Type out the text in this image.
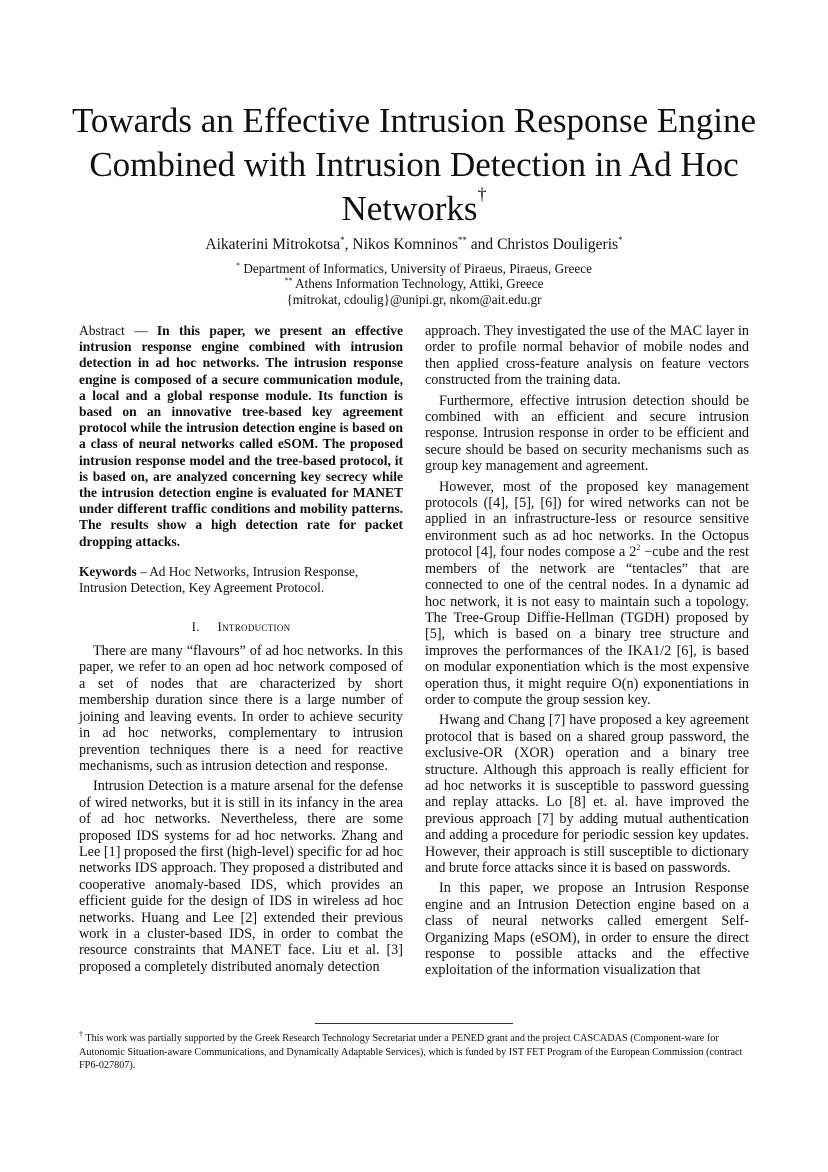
Towards an Effective Intrusion Response Engine Combined with Intrusion Detection in Ad Hoc Networks†
Aikaterini Mitrokotsa*, Nikos Komninos** and Christos Douligeris*
* Department of Informatics, University of Piraeus, Piraeus, Greece
** Athens Information Technology, Attiki, Greece
{mitrokat, cdoulig}@unipi.gr, nkom@ait.edu.gr

Abstract — In this paper, we present an effective intrusion response engine combined with intrusion detection in ad hoc networks. The intrusion response engine is composed of a secure communication module, a local and a global response module. Its function is based on an innovative tree-based key agreement protocol while the intrusion detection engine is based on a class of neural networks called eSOM. The proposed intrusion response model and the tree-based protocol, it is based on, are analyzed concerning key secrecy while the intrusion detection engine is evaluated for MANET under different traffic conditions and mobility patterns. The results show a high detection rate for packet dropping attacks.

Keywords – Ad Hoc Networks, Intrusion Response, Intrusion Detection, Key Agreement Protocol.

I. Introduction

There are many “flavours” of ad hoc networks. In this paper, we refer to an open ad hoc network composed of a set of nodes that are characterized by short membership duration since there is a large number of joining and leaving events. In order to achieve security in ad hoc networks, complementary to intrusion prevention techniques there is a need for reactive mechanisms, such as intrusion detection and response.

Intrusion Detection is a mature arsenal for the defense of wired networks, but it is still in its infancy in the area of ad hoc networks. Nevertheless, there are some proposed IDS systems for ad hoc networks. Zhang and Lee [1] proposed the first (high-level) specific for ad hoc networks IDS approach. They proposed a distributed and cooperative anomaly-based IDS, which provides an efficient guide for the design of IDS in wireless ad hoc networks. Huang and Lee [2] extended their previous work in a cluster-based IDS, in order to combat the resource constraints that MANET face. Liu et al. [3] proposed a completely distributed anomaly detection

approach. They investigated the use of the MAC layer in order to profile normal behavior of mobile nodes and then applied cross-feature analysis on feature vectors constructed from the training data.

Furthermore, effective intrusion detection should be combined with an efficient and secure intrusion response. Intrusion response in order to be efficient and secure should be based on security mechanisms such as group key management and agreement.

However, most of the proposed key management protocols ([4], [5], [6]) for wired networks can not be applied in an infrastructure-less or resource sensitive environment such as ad hoc networks. In the Octopus protocol [4], four nodes compose a $2^2$ −cube and the rest members of the network are “tentacles” that are connected to one of the central nodes. In a dynamic ad hoc network, it is not easy to maintain such a topology. The Tree-Group Diffie-Hellman (TGDH) proposed by [5], which is based on a binary tree structure and improves the performances of the IKA1/2 [6], is based on modular exponentiation which is the most expensive operation thus, it might require O(n) exponentiations in order to compute the group session key.

Hwang and Chang [7] have proposed a key agreement protocol that is based on a shared group password, the exclusive-OR (XOR) operation and a binary tree structure. Although this approach is really efficient for ad hoc networks it is susceptible to password guessing and replay attacks. Lo [8] et. al. have improved the previous approach [7] by adding mutual authentication and adding a procedure for periodic session key updates. However, their approach is still susceptible to dictionary and brute force attacks since it is based on passwords.

In this paper, we propose an Intrusion Response engine and an Intrusion Detection engine based on a class of neural networks called emergent Self-Organizing Maps (eSOM), in order to ensure the direct response to possible attacks and the effective exploitation of the information visualization that

† This work was partially supported by the Greek Research Technology Secretariat under a PENED grant and the project CASCADAS (Component-ware for Autonomic Situation-aware Communications, and Dynamically Adaptable Services), which is funded by IST FET Program of the European Commission (contract FP6-027807).
